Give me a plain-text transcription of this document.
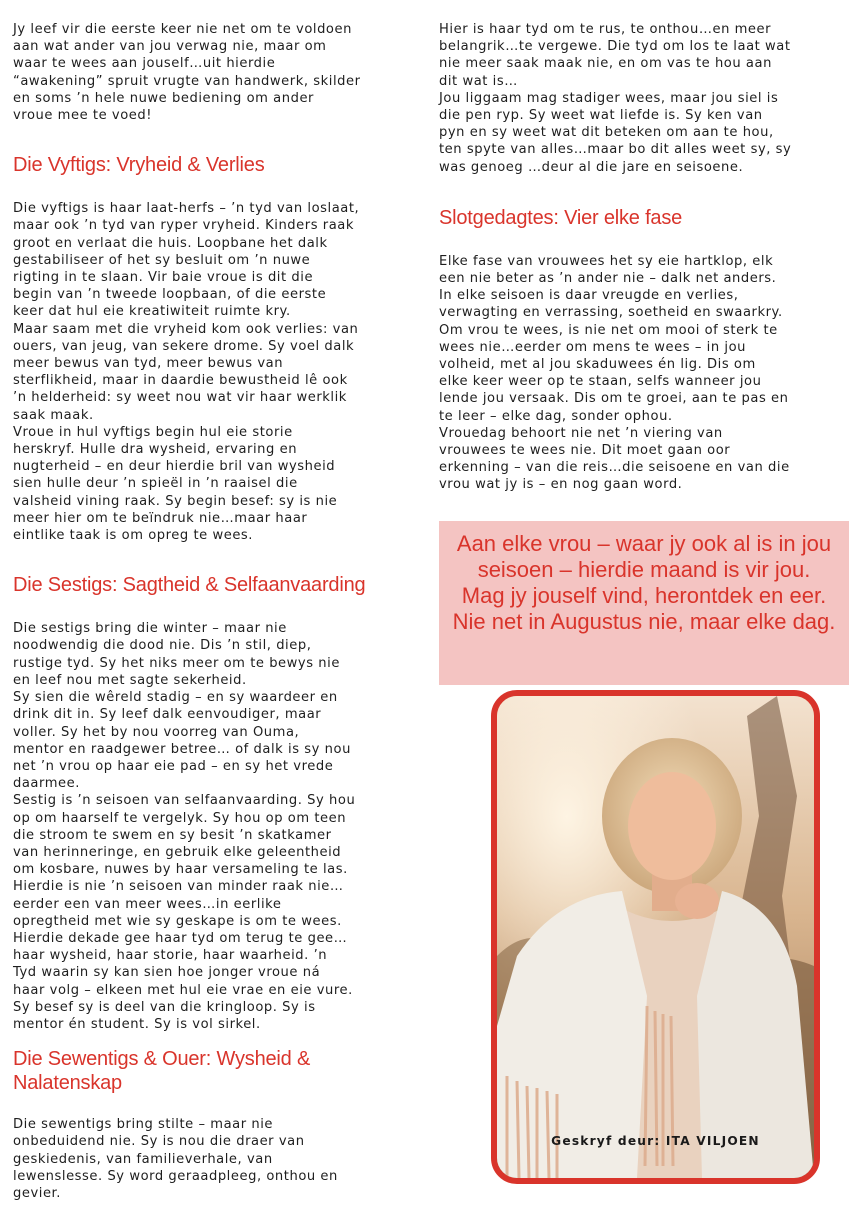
Jy leef vir die eerste keer nie net om te voldoen
aan wat ander van jou verwag nie, maar om
waar te wees aan jouself…uit hierdie
“awakening” spruit vrugte van handwerk, skilder
en soms ’n hele nuwe bediening om ander
vroue mee te voed!

Die Vyftigs: Vryheid & Verlies

Die vyftigs is haar laat-herfs – ’n tyd van loslaat,
maar ook ’n tyd van ryper vryheid. Kinders raak
groot en verlaat die huis. Loopbane het dalk
gestabiliseer of het sy besluit om ’n nuwe
rigting in te slaan. Vir baie vroue is dit die
begin van ’n tweede loopbaan, of die eerste
keer dat hul eie kreatiwiteit ruimte kry.

Maar saam met die vryheid kom ook verlies: van
ouers, van jeug, van sekere drome. Sy voel dalk
meer bewus van tyd, meer bewus van
sterflikheid, maar in daardie bewustheid lê ook
’n helderheid: sy weet nou wat vir haar werklik
saak maak.

Vroue in hul vyftigs begin hul eie storie
herskryf. Hulle dra wysheid, ervaring en
nugterheid – en deur hierdie bril van wysheid
sien hulle deur ’n spieël in ’n raaisel die
valsheid vining raak. Sy begin besef: sy is nie
meer hier om te beïndruk nie…maar haar
eintlike taak is om opreg te wees.

Die Sestigs: Sagtheid & Selfaanvaarding

Die sestigs bring die winter – maar nie
noodwendig die dood nie. Dis ’n stil, diep,
rustige tyd. Sy het niks meer om te bewys nie
en leef nou met sagte sekerheid.

Sy sien die wêreld stadig – en sy waardeer en
drink dit in. Sy leef dalk eenvoudiger, maar
voller. Sy het by nou voorreg van Ouma,
mentor en raadgewer betree… of dalk is sy nou
net ’n vrou op haar eie pad – en sy het vrede
daarmee.

Sestig is ’n seisoen van selfaanvaarding. Sy hou
op om haarself te vergelyk. Sy hou op om teen
die stroom te swem en sy besit ’n skatkamer
van herinneringe, en gebruik elke geleentheid
om kosbare, nuwes by haar versameling te las.
Hierdie is nie ’n seisoen van minder raak nie…
eerder een van meer wees…in eerlike
opregtheid met wie sy geskape is om te wees.
Hierdie dekade gee haar tyd om terug te gee…
haar wysheid, haar storie, haar waarheid. ’n
Tyd waarin sy kan sien hoe jonger vroue ná
haar volg – elkeen met hul eie vrae en eie vure.
Sy besef sy is deel van die kringloop. Sy is
mentor én student. Sy is vol sirkel.

Die Sewentigs & Ouer: Wysheid & Nalatenskap

Die sewentigs bring stilte – maar nie
onbeduidend nie. Sy is nou die draer van
geskiedenis, van familieverhale, van
lewenslesse. Sy word geraadpleeg, onthou en
gevier.

Hier is haar tyd om te rus, te onthou…en meer
belangrik…te vergewe. Die tyd om los te laat wat
nie meer saak maak nie, en om vas te hou aan
dit wat is…

Jou liggaam mag stadiger wees, maar jou siel is
die pen ryp. Sy weet wat liefde is. Sy ken van
pyn en sy weet wat dit beteken om aan te hou,
ten spyte van alles…maar bo dit alles weet sy, sy
was genoeg …deur al die jare en seisoene.

Slotgedagtes: Vier elke fase

Elke fase van vrouwees het sy eie hartklop, elk
een nie beter as ’n ander nie – dalk net anders.
In elke seisoen is daar vreugde en verlies,
verwagting en verrassing, soetheid en swaarkry.
Om vrou te wees, is nie net om mooi of sterk te
wees nie…eerder om mens te wees – in jou
volheid, met al jou skaduwees én lig. Dis om
elke keer weer op te staan, selfs wanneer jou
lende jou versaak. Dis om te groei, aan te pas en
te leer – elke dag, sonder ophou.

Vrouedag behoort nie net ’n viering van
vrouwees te wees nie. Dit moet gaan oor
erkenning – van die reis…die seisoene en van die
vrou wat jy is – en nog gaan word.

Aan elke vrou – waar jy ook al is in jou seisoen – hierdie maand is vir jou.

Mag jy jouself vind, herontdek en eer. Nie net in Augustus nie, maar elke dag.

Geskryf deur: ITA VILJOEN
